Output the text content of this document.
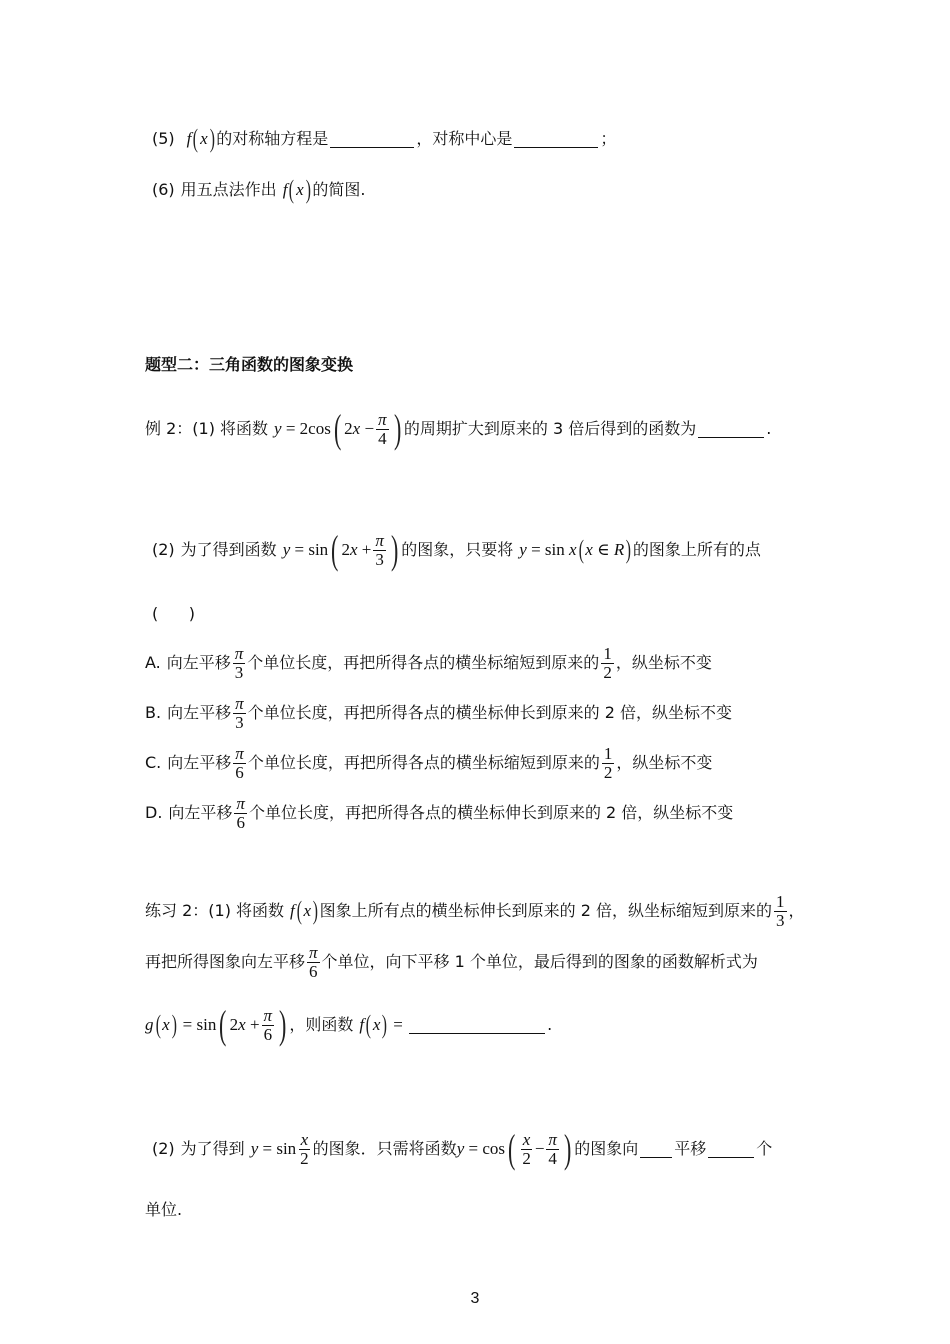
(5) f ( x ) 的对称轴方程是	，对称中心是	；
(6) 用五点法作出 f ( x ) 的简图.
题型二：三角函数的图象变换
例 2：(1) 将函数 y = 2cos ( 2 $x - \frac{\pi}{4}$ ) 的周期扩大到原来的 3 倍后得到的函数为	.
(2) 为了得到函数 y = sin ( 2 $x + \frac{\pi}{3}$ ) 的图象，只要将 y = sin x ( x ∈ R ) 的图象上所有的点
(      )
A. 向左平移 $\frac{\pi}{3}$ 个单位长度，再把所得各点的横坐标缩短到原来的 $\frac{1}{2}$ ，纵坐标不变
B. 向左平移 $\frac{\pi}{3}$ 个单位长度，再把所得各点的横坐标伸长到原来的 2 倍，纵坐标不变
C. 向左平移 $\frac{\pi}{6}$ 个单位长度，再把所得各点的横坐标缩短到原来的 $\frac{1}{2}$ ，纵坐标不变
D. 向左平移 $\frac{\pi}{6}$ 个单位长度，再把所得各点的横坐标伸长到原来的 2 倍，纵坐标不变
练习 2：(1) 将函数 f ( x ) 图象上所有点的横坐标伸长到原来的 2 倍，纵坐标缩短到原来的 $\frac{1}{3}$ ，
再把所得图象向左平移 $\frac{\pi}{6}$ 个单位，向下平移 1 个单位，最后得到的图象的函数解析式为
g ( x ) = sin ( 2 $x + \frac{\pi}{6}$ ) ，则函数 f ( x ) =	.
(2) 为了得到 $y = \sin \frac{x}{2}$ 的图象．只需将函数 y = cos ( $\frac{x}{2} - \frac{\pi}{4}$ ) 的图象向 平移	个
单位.
3
